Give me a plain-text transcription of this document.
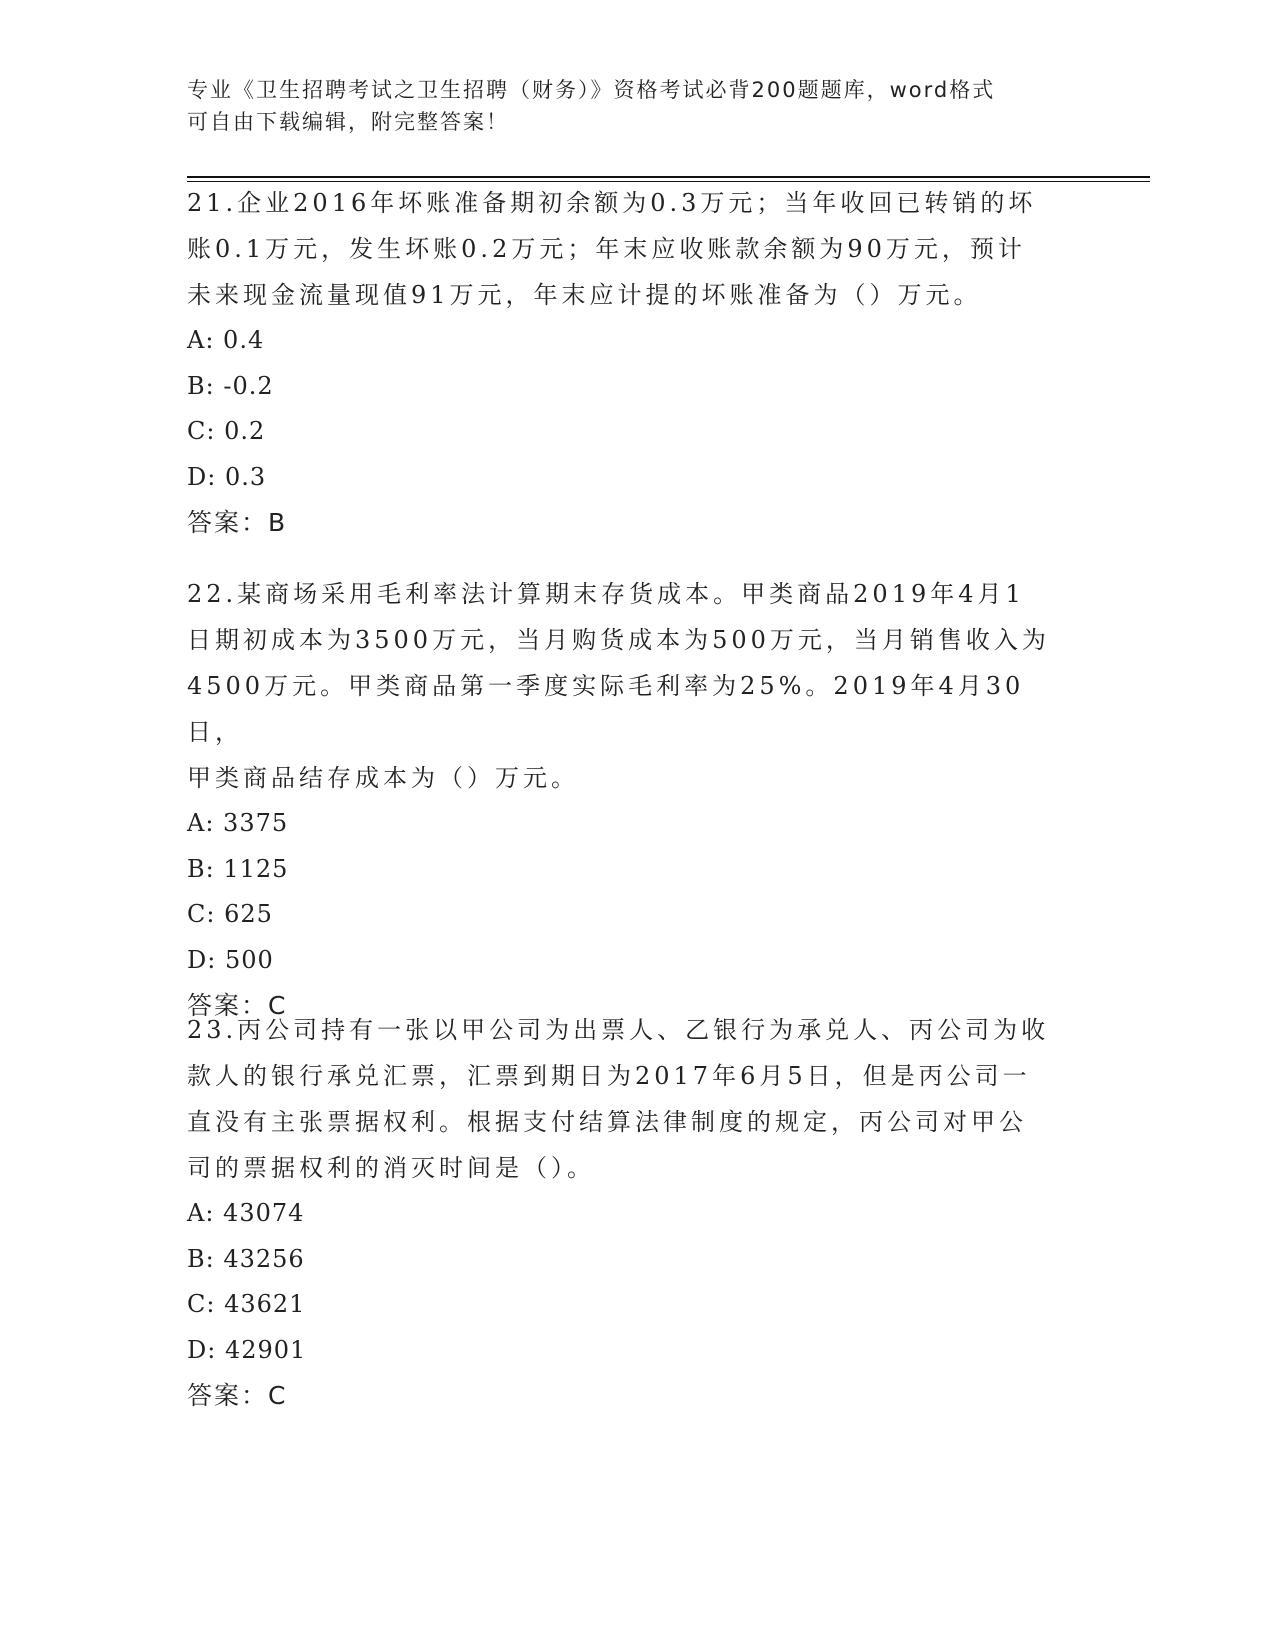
专业《卫生招聘考试之卫生招聘（财务）》资格考试必背200题题库，word格式
可自由下载编辑，附完整答案！

21.企业2016年坏账准备期初余额为0.3万元；当年收回已转销的坏

账0.1万元，发生坏账0.2万元；年末应收账款余额为90万元，预计

未来现金流量现值91万元，年末应计提的坏账准备为（）万元。

A: 0.4

B: -0.2

C: 0.2

D: 0.3

答案：B

22.某商场采用毛利率法计算期末存货成本。甲类商品2019年4月1

日期初成本为3500万元，当月购货成本为500万元，当月销售收入为

4500万元。甲类商品第一季度实际毛利率为25%。2019年4月30日，

甲类商品结存成本为（）万元。

A: 3375

B: 1125

C: 625

D: 500

答案：C

23.丙公司持有一张以甲公司为出票人、乙银行为承兑人、丙公司为收

款人的银行承兑汇票，汇票到期日为2017年6月5日，但是丙公司一

直没有主张票据权利。根据支付结算法律制度的规定，丙公司对甲公

司的票据权利的消灭时间是（）。

A: 43074

B: 43256

C: 43621

D: 42901

答案：C
